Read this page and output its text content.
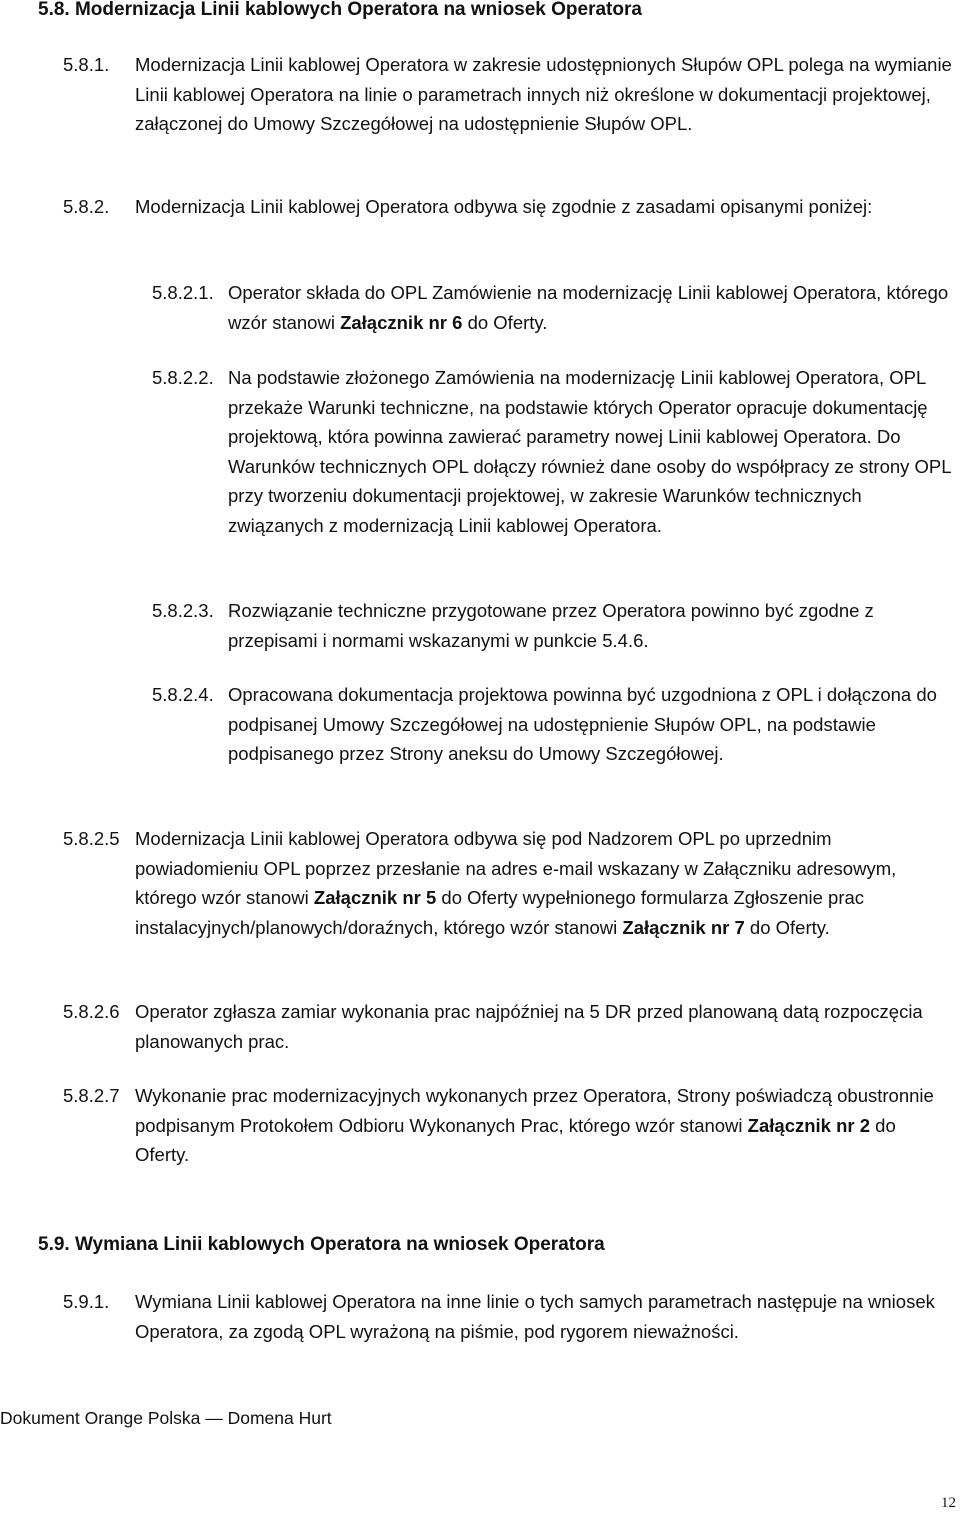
5.8. Modernizacja Linii kablowych Operatora na wniosek Operatora
5.8.1. Modernizacja Linii kablowej Operatora w zakresie udostępnionych Słupów OPL polega na wymianie Linii kablowej Operatora na linie o parametrach innych niż określone w dokumentacji projektowej, załączonej do Umowy Szczegółowej na udostępnienie Słupów OPL.
5.8.2. Modernizacja Linii kablowej Operatora odbywa się zgodnie z zasadami opisanymi poniżej:
5.8.2.1. Operator składa do OPL Zamówienie na modernizację Linii kablowej Operatora, którego wzór stanowi Załącznik nr 6 do Oferty.
5.8.2.2. Na podstawie złożonego Zamówienia na modernizację Linii kablowej Operatora, OPL przekaże Warunki techniczne, na podstawie których Operator opracuje dokumentację projektową, która powinna zawierać parametry nowej Linii kablowej Operatora. Do Warunków technicznych OPL dołączy również dane osoby do współpracy ze strony OPL przy tworzeniu dokumentacji projektowej, w zakresie Warunków technicznych związanych z modernizacją Linii kablowej Operatora.
5.8.2.3. Rozwiązanie techniczne przygotowane przez Operatora powinno być zgodne z przepisami i normami wskazanymi w punkcie 5.4.6.
5.8.2.4. Opracowana dokumentacja projektowa powinna być uzgodniona z OPL i dołączona do podpisanej Umowy Szczegółowej na udostępnienie Słupów OPL, na podstawie podpisanego przez Strony aneksu do Umowy Szczegółowej.
5.8.2.5 Modernizacja Linii kablowej Operatora odbywa się pod Nadzorem OPL po uprzednim powiadomieniu OPL poprzez przesłanie na adres e-mail wskazany w Załączniku adresowym, którego wzór stanowi Załącznik nr 5 do Oferty wypełnionego formularza Zgłoszenie prac instalacyjnych/planowych/doraźnych, którego wzór stanowi Załącznik nr 7 do Oferty.
5.8.2.6 Operator zgłasza zamiar wykonania prac najpóźniej na 5 DR przed planowaną datą rozpoczęcia planowanych prac.
5.8.2.7 Wykonanie prac modernizacyjnych wykonanych przez Operatora, Strony poświadczą obustronnie podpisanym Protokołem Odbioru Wykonanych Prac, którego wzór stanowi Załącznik nr 2 do Oferty.
5.9. Wymiana Linii kablowych Operatora na wniosek Operatora
5.9.1. Wymiana Linii kablowej Operatora na inne linie o tych samych parametrach następuje na wniosek Operatora, za zgodą OPL wyrażoną na piśmie, pod rygorem nieważności.
Dokument Orange Polska — Domena Hurt
12
